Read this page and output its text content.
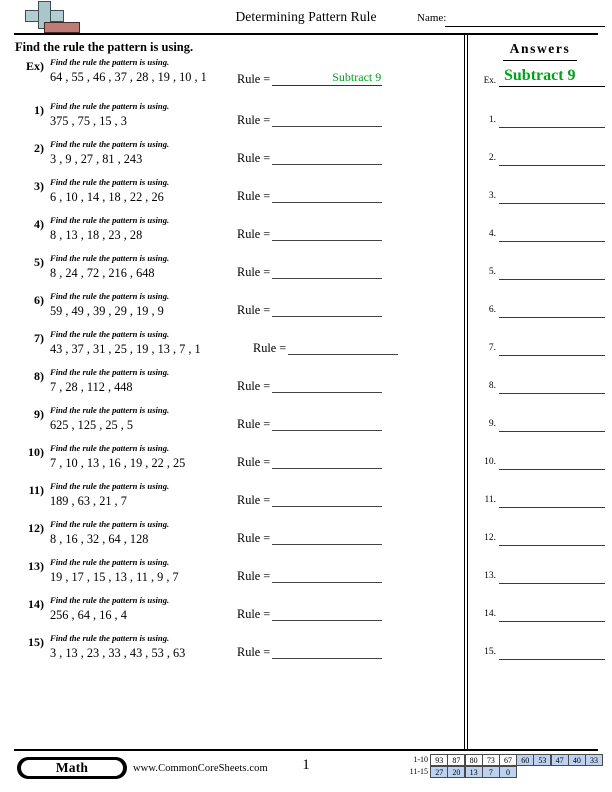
Determining Pattern Rule	Name:
Find the rule the pattern is using.
Ex) Find the rule the pattern is using.
64 , 55 , 46 , 37 , 28 , 19 , 10 , 1	Rule =	Subtract 9
1) Find the rule the pattern is using.
375 , 75 , 15 , 3	Rule =
2) Find the rule the pattern is using.
3 , 9 , 27 , 81 , 243	Rule =
3) Find the rule the pattern is using.
6 , 10 , 14 , 18 , 22 , 26	Rule =
4) Find the rule the pattern is using.
8 , 13 , 18 , 23 , 28	Rule =
5) Find the rule the pattern is using.
8 , 24 , 72 , 216 , 648	Rule =
6) Find the rule the pattern is using.
59 , 49 , 39 , 29 , 19 , 9	Rule =
7) Find the rule the pattern is using.
43 , 37 , 31 , 25 , 19 , 13 , 7 , 1	Rule =
8) Find the rule the pattern is using.
7 , 28 , 112 , 448	Rule =
9) Find the rule the pattern is using.
625 , 125 , 25 , 5	Rule =
10) Find the rule the pattern is using.
7 , 10 , 13 , 16 , 19 , 22 , 25	Rule =
11) Find the rule the pattern is using.
189 , 63 , 21 , 7	Rule =
12) Find the rule the pattern is using.
8 , 16 , 32 , 64 , 128	Rule =
13) Find the rule the pattern is using.
19 , 17 , 15 , 13 , 11 , 9 , 7	Rule =
14) Find the rule the pattern is using.
256 , 64 , 16 , 4	Rule =
15) Find the rule the pattern is using.
3 , 13 , 23 , 33 , 43 , 53 , 63	Rule =
Answers
Ex. Subtract 9
1.
2.
3.
4.
5.
6.
7.
8.
9.
10.
11.
12.
13.
14.
15.
Math	www.CommonCoreSheets.com	1	1-10 93 87 80 73 67 60 53 47 40 33
11-15 27 20 13 7 0
